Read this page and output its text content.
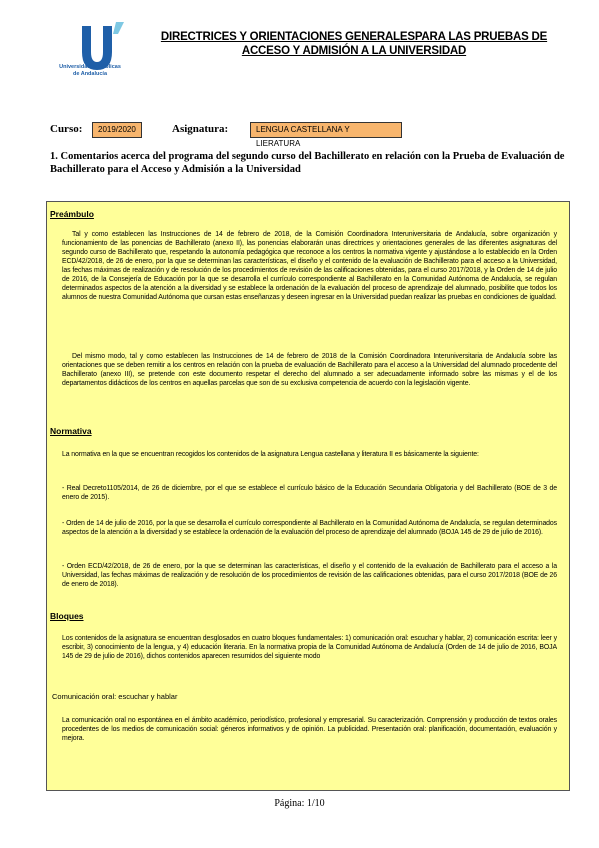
Universidades Públicas
de Andalucía
DIRECTRICES Y ORIENTACIONES GENERALESPARA LAS PRUEBAS DE
ACCESO Y ADMISIÓN A LA UNIVERSIDAD
Curso:	2019/2020	Asignatura:	LENGUA CASTELLANA Y LIERATURA
1. Comentarios acerca del programa del segundo curso del Bachillerato en relación con la Prueba de Evaluación de Bachillerato para el Acceso y Admisión a la Universidad
Preámbulo

Tal y como establecen las Instrucciones de 14 de febrero de 2018, de la Comisión Coordinadora Interuniversitaria de Andalucía, sobre organización y funcionamiento de las ponencias de Bachillerato (anexo II), las ponencias elaborarán unas directrices y orientaciones generales de las diferentes asignaturas del segundo curso de Bachillerato que, respetando la autonomía pedagógica que reconoce a los centros la normativa vigente y ajustándose a lo establecido en la Orden ECD/42/2018, de 26 de enero, por la que se determinan las características, el diseño y el contenido de la evaluación de Bachillerato para el acceso a la Universidad, las fechas máximas de realización y de resolución de los procedimientos de revisión de las calificaciones obtenidas, para el curso 2017/2018, y la Orden de 14 de julio de 2016, de la Consejería de Educación por la que se desarrolla el currículo correspondiente al Bachillerato en la Comunidad Autónoma de Andalucía, se regulan determinados aspectos de la atención a la diversidad y se establece la ordenación de la evaluación del proceso de aprendizaje del alumnado, posibilite que todos los alumnos de nuestra Comunidad Autónoma que cursan estas enseñanzas y deseen ingresar en la Universidad puedan realizar las pruebas en condiciones de igualdad.

Del mismo modo, tal y como establecen las Instrucciones de 14 de febrero de 2018 de la Comisión Coordinadora Interuniversitaria de Andalucía sobre las orientaciones que se deben remitir a los centros en relación con la prueba de evaluación de Bachillerato para el acceso a la Universidad del alumnado procedente del Bachillerato (anexo III), se pretende con este documento respetar el derecho del alumnado a ser adecuadamente informado sobre las mismas y el de los departamentos didácticos de los centros en aquellas parcelas que son de su exclusiva competencia de acuerdo con la legislación vigente.

Normativa

La normativa en la que se encuentran recogidos los contenidos de la asignatura Lengua castellana y literatura II es básicamente la siguiente:

- Real Decreto1105/2014, de 26 de diciembre, por el que se establece el currículo básico de la Educación Secundaria Obligatoria y del Bachillerato (BOE de 3 de enero de 2015).

- Orden de 14 de julio de 2016, por la que se desarrolla el currículo correspondiente al Bachillerato en la Comunidad Autónoma de Andalucía, se regulan determinados aspectos de la atención a la diversidad y se establece la ordenación de la evaluación del proceso de aprendizaje del alumnado (BOJA 145 de 29 de julio de 2016).

- Orden ECD/42/2018, de 26 de enero, por la que se determinan las características, el diseño y el contenido de la evaluación de Bachillerato para el acceso a la Universidad, las fechas máximas de realización y de resolución de los procedimientos de revisión de las calificaciones obtenidas, para el curso 2017/2018 (BOE de 26 de enero de 2018).

Bloques

Los contenidos de la asignatura se encuentran desglosados en cuatro bloques fundamentales: 1) comunicación oral: escuchar y hablar, 2) comunicación escrita: leer y escribir, 3) conocimiento de la lengua, y 4) educación literaria. En la normativa propia de la Comunidad Autónoma de Andalucía (Orden de 14 de julio de 2016, BOJA 145 de 29 de julio de 2016), dichos contenidos aparecen resumidos del siguiente modo

Comunicación oral: escuchar y hablar

La comunicación oral no espontánea en el ámbito académico, periodístico, profesional y empresarial. Su caracterización. Comprensión y producción de textos orales procedentes de los medios de comunicación social: géneros informativos y de opinión. La publicidad. Presentación oral: planificación, documentación, evaluación y mejora.

Página: 1/10
